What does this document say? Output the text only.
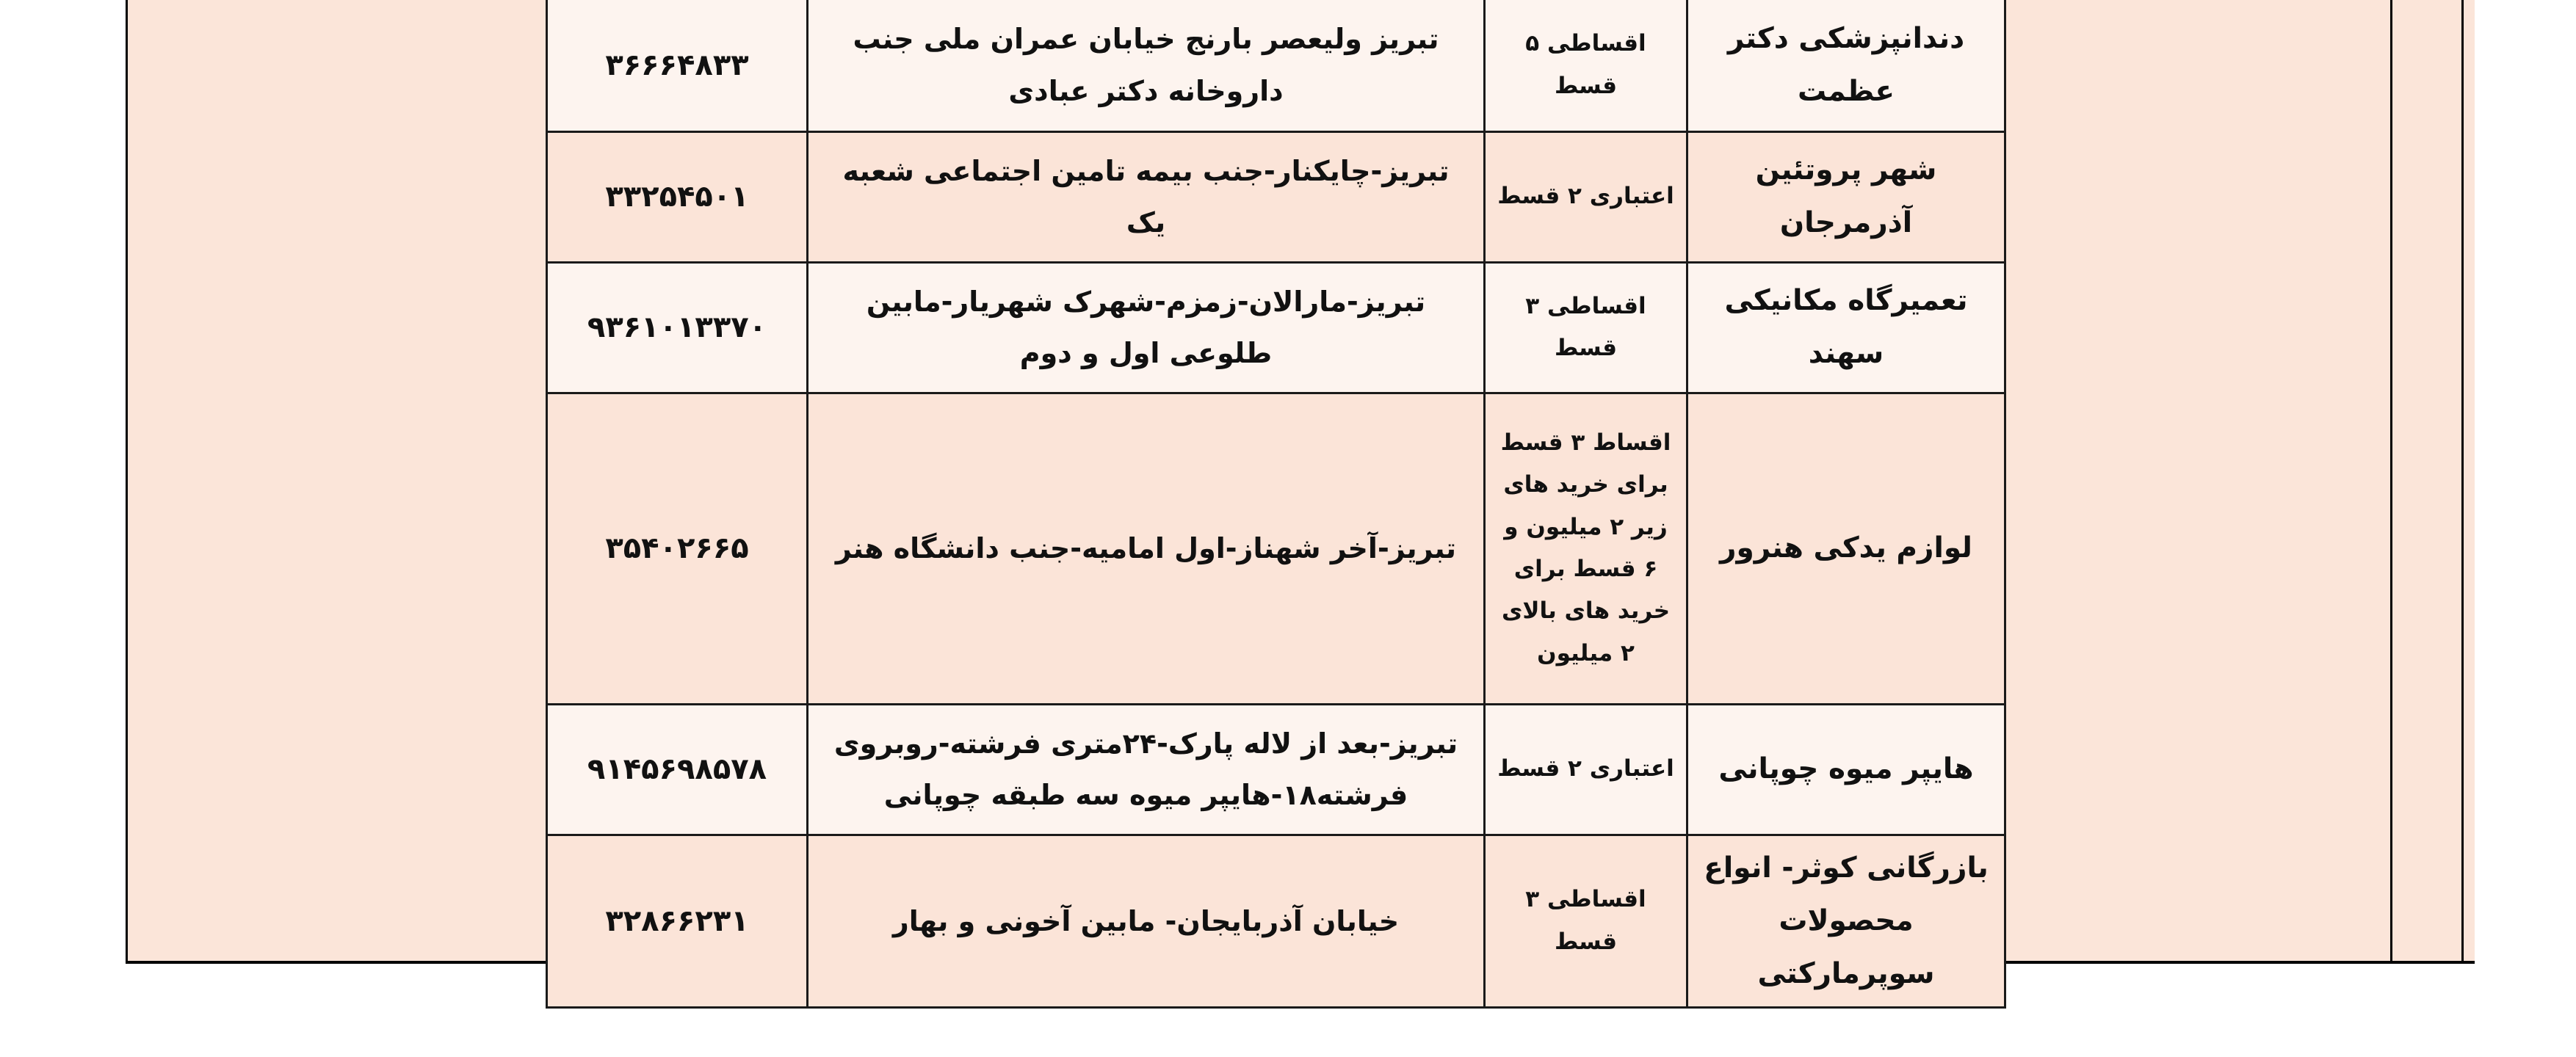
۳۶۶۶۴۸۳۳	تبریز ولیعصر بارنج خیابان عمران ملی جنب داروخانه دکتر عبادی	اقساطی ۵ قسط	دندانپزشکی دکتر عظمت
۳۳۲۵۴۵۰۱	تبریز-چایکنار-جنب بیمه تامین اجتماعی شعبه یک	اعتباری ۲ قسط	شهر پروتئین آذرمرجان
۹۳۶۱۰۱۳۳۷۰	تبریز-مارالان-زمزم-شهرک شهریار-مابین طلوعی اول و دوم	اقساطی ۳ قسط	تعمیرگاه مکانیکی سهند
۳۵۴۰۲۶۶۵	تبریز-آخر شهناز-اول امامیه-جنب دانشگاه هنر	اقساط ۳ قسط برای خرید های زیر ۲ میلیون و ۶ قسط برای خرید های بالای ۲ میلیون	لوازم یدکی هنرور
۹۱۴۵۶۹۸۵۷۸	تبریز-بعد از لاله پارک-۲۴متری فرشته-روبروی فرشته۱۸-هایپر میوه سه طبقه چوپانی	اعتباری ۲ قسط	هایپر میوه چوپانی
۳۲۸۶۶۲۳۱	خیابان آذربایجان- مابین آخونی و بهار	اقساطی ۳ قسط	بازرگانی کوثر- انواع محصولات سوپرمارکتی
